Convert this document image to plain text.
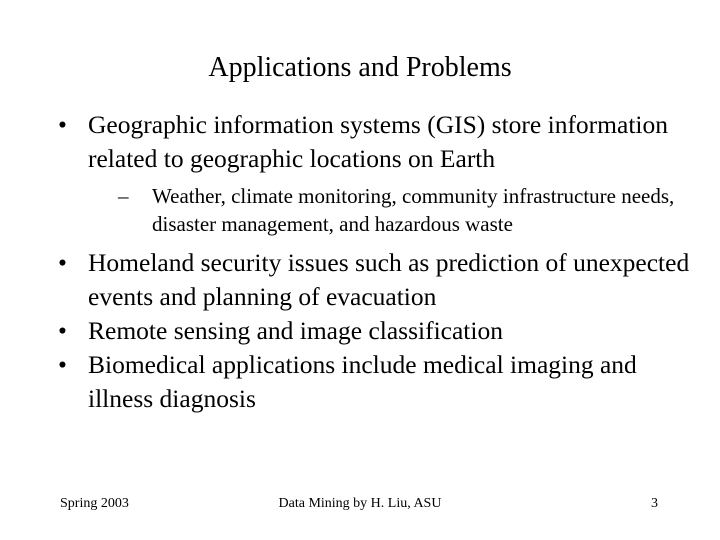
Applications and Problems
• Geographic information systems (GIS) store information related to geographic locations on Earth
– Weather, climate monitoring, community infrastructure needs, disaster management, and hazardous waste
• Homeland security issues such as prediction of unexpected events and planning of evacuation
• Remote sensing and image classification
• Biomedical applications include medical imaging and illness diagnosis
Spring 2003	Data Mining by H. Liu, ASU	3
